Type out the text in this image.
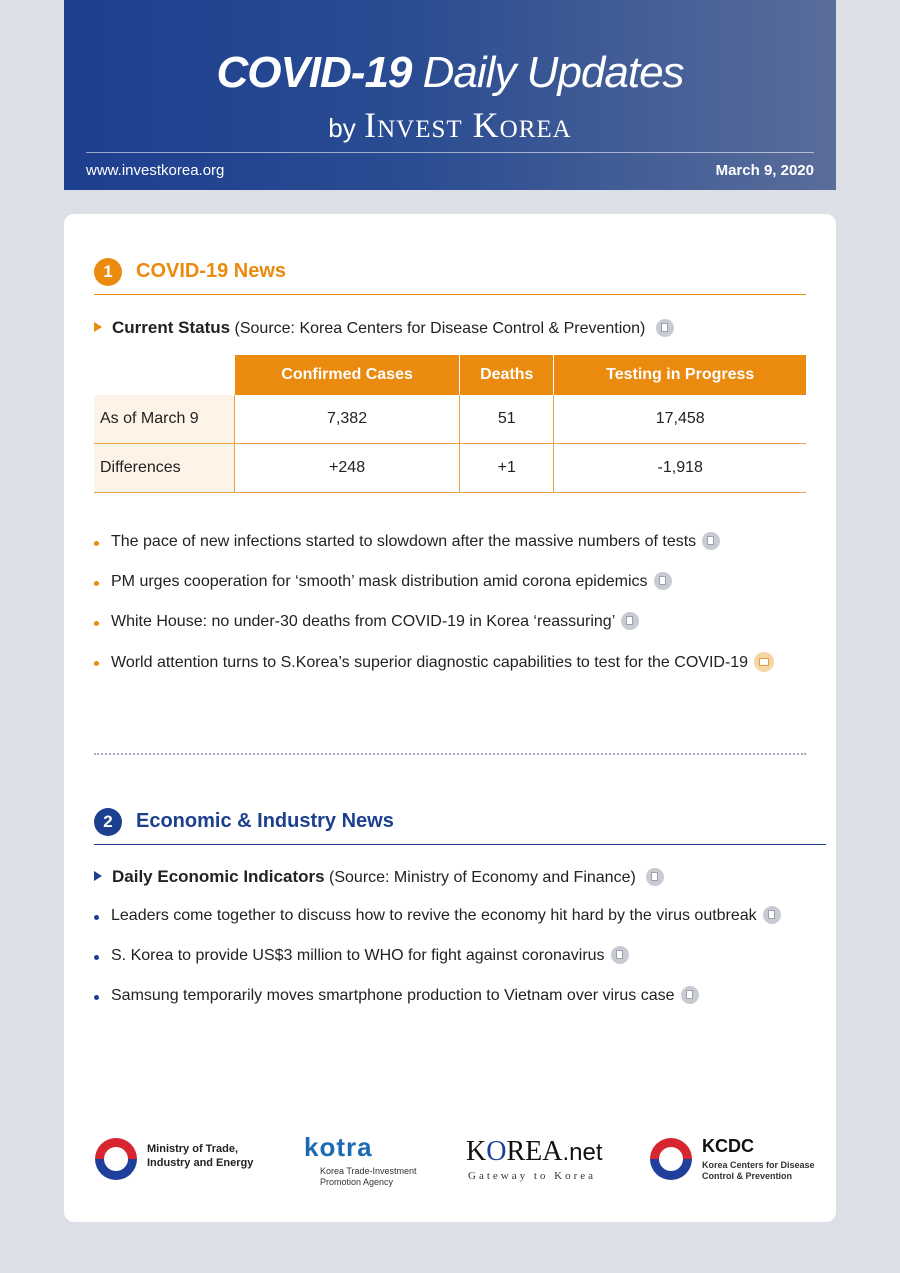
COVID-19 Daily Updates
by Invest Korea
www.investkorea.org	March 9, 2020
1	COVID-19 News
Current Status (Source: Korea Centers for Disease Control & Prevention)
	Confirmed Cases	Deaths	Testing in Progress
As of March 9	7,382	51	17,458
Differences	+248	+1	-1,918
The pace of new infections started to slowdown after the massive numbers of tests
PM urges cooperation for ‘smooth’ mask distribution amid corona epidemics
White House: no under-30 deaths from COVID-19 in Korea ‘reassuring’
World attention turns to S.Korea’s superior diagnostic capabilities to test for the COVID-19
2	Economic & Industry News
Daily Economic Indicators (Source: Ministry of Economy and Finance)
Leaders come together to discuss how to revive the economy hit hard by the virus outbreak
S. Korea to provide US$3 million to WHO for fight against coronavirus
Samsung temporarily moves smartphone production to Vietnam over virus case
Ministry of Trade,
Industry and Energy
kotra
Korea Trade-Investment
Promotion Agency
KOREA.net
Gateway to Korea
KCDC
Korea Centers for Disease
Control & Prevention
